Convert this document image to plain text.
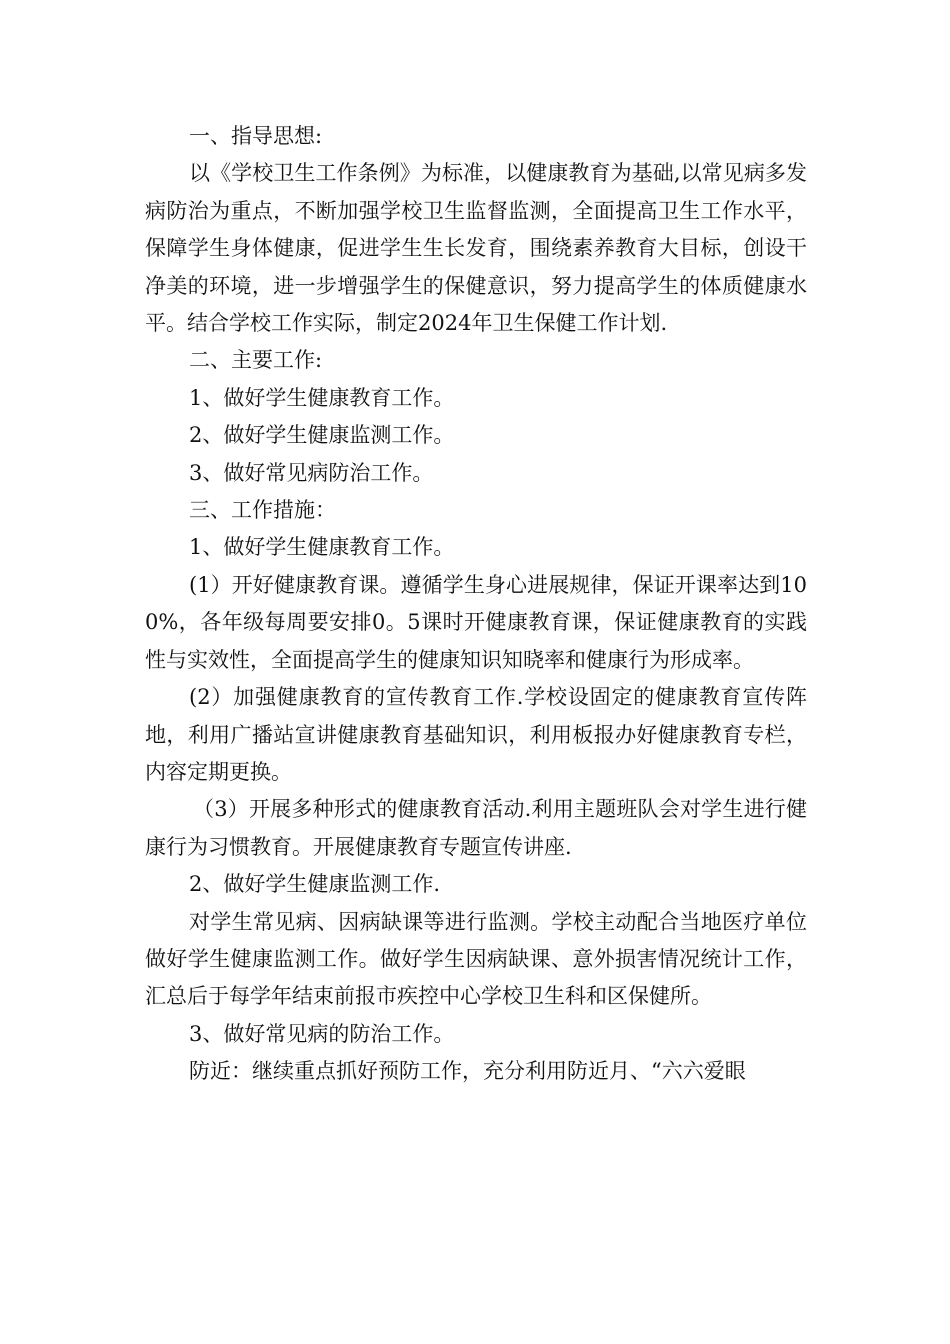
一、指导思想:

以《学校卫生工作条例》为标准，以健康教育为基础,以常见病多发病防治为重点，不断加强学校卫生监督监测，全面提高卫生工作水平，保障学生身体健康，促进学生生长发育，围绕素养教育大目标，创设干净美的环境，进一步增强学生的保健意识，努力提高学生的体质健康水平。结合学校工作实际，制定2024年卫生保健工作计划.

二、主要工作:

1、做好学生健康教育工作。

2、做好学生健康监测工作。

3、做好常见病防治工作。

三、工作措施：

1、做好学生健康教育工作。

(1）开好健康教育课。遵循学生身心进展规律，保证开课率达到100%，各年级每周要安排0。5课时开健康教育课，保证健康教育的实践性与实效性，全面提高学生的健康知识知晓率和健康行为形成率。

(2）加强健康教育的宣传教育工作.学校设固定的健康教育宣传阵地，利用广播站宣讲健康教育基础知识，利用板报办好健康教育专栏，内容定期更换。

（3）开展多种形式的健康教育活动.利用主题班队会对学生进行健康行为习惯教育。开展健康教育专题宣传讲座.

2、做好学生健康监测工作.

对学生常见病、因病缺课等进行监测。学校主动配合当地医疗单位做好学生健康监测工作。做好学生因病缺课、意外损害情况统计工作，汇总后于每学年结束前报市疾控中心学校卫生科和区保健所。

3、做好常见病的防治工作。

防近：继续重点抓好预防工作，充分利用防近月、“六六爱眼
